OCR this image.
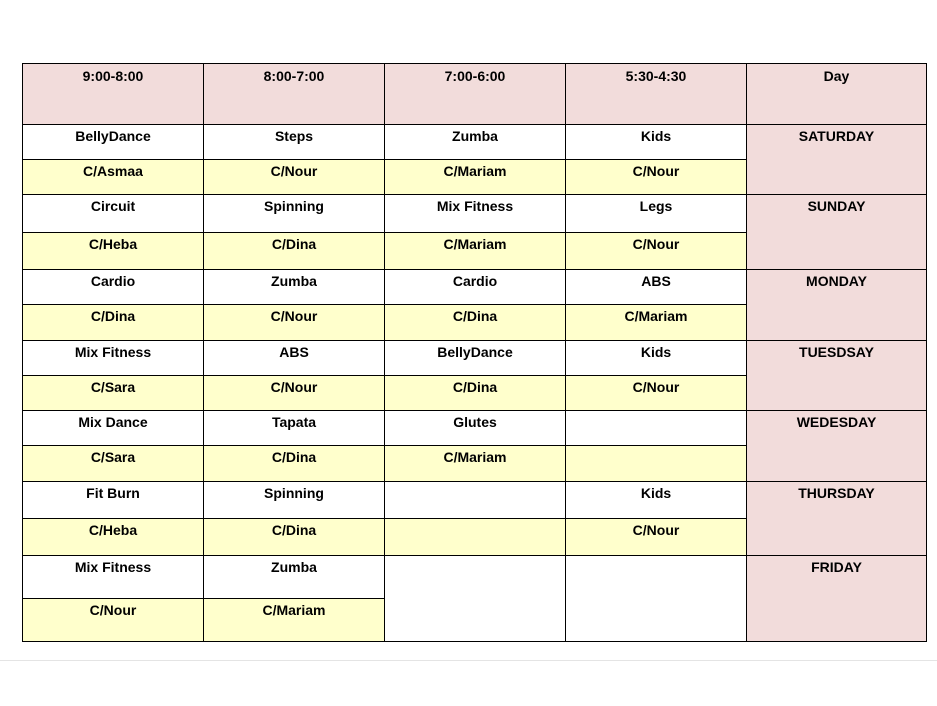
9:00-8:00	8:00-7:00	7:00-6:00	5:30-4:30	Day
BellyDance	Steps	Zumba	Kids	SATURDAY
C/Asmaa	C/Nour	C/Mariam	C/Nour	
Circuit	Spinning	Mix Fitness	Legs	SUNDAY
C/Heba	C/Dina	C/Mariam	C/Nour	
Cardio	Zumba	Cardio	ABS	MONDAY
C/Dina	C/Nour	C/Dina	C/Mariam	
Mix Fitness	ABS	BellyDance	Kids	TUESDSAY
C/Sara	C/Nour	C/Dina	C/Nour	
Mix Dance	Tapata	Glutes		WEDESDAY
C/Sara	C/Dina	C/Mariam		
Fit Burn	Spinning		Kids	THURSDAY
C/Heba	C/Dina		C/Nour	
Mix Fitness	Zumba			FRIDAY
C/Nour	C/Mariam			
